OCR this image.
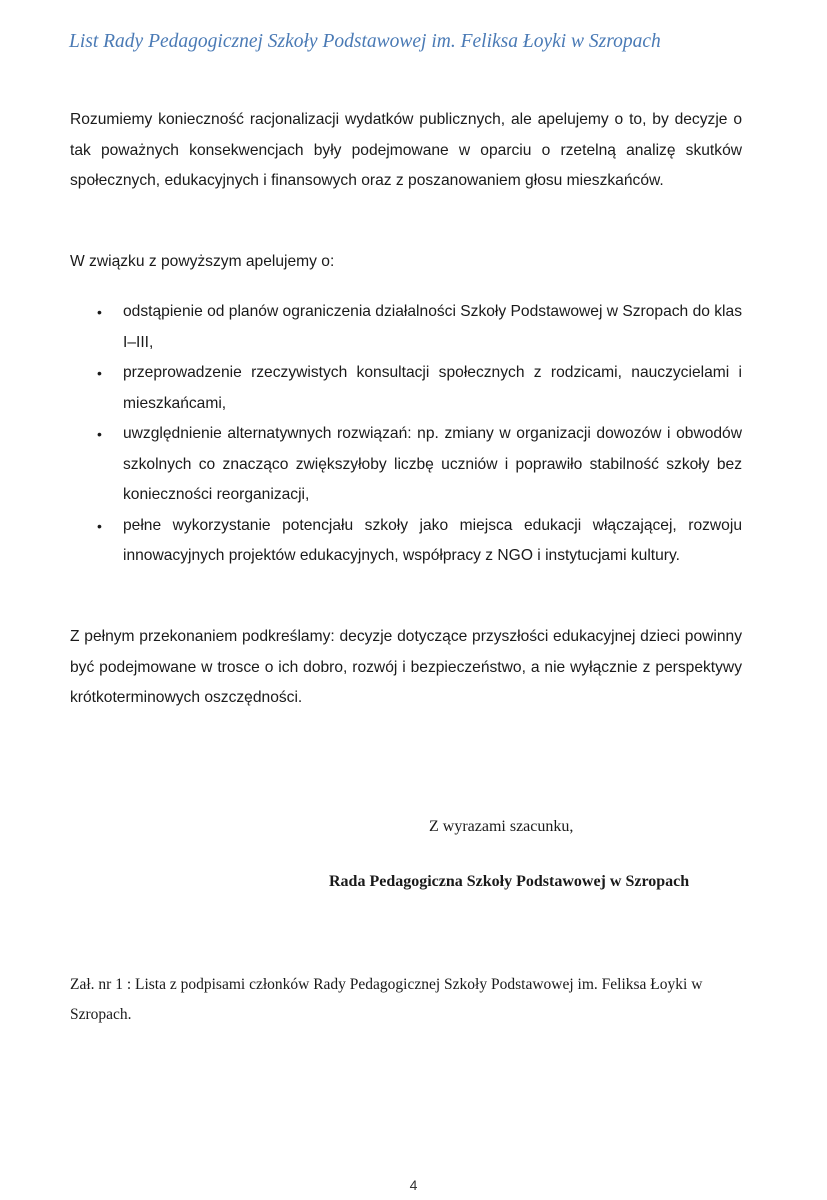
List Rady Pedagogicznej Szkoły Podstawowej im. Feliksa Łoyki w Szropach

Rozumiemy konieczność racjonalizacji wydatków publicznych, ale apelujemy o to, by decyzje o tak poważnych konsekwencjach były podejmowane w oparciu o rzetelną analizę skutków społecznych, edukacyjnych i finansowych oraz z poszanowaniem głosu mieszkańców.

W związku z powyższym apelujemy o:

• odstąpienie od planów ograniczenia działalności Szkoły Podstawowej w Szropach do klas I–III,
• przeprowadzenie rzeczywistych konsultacji społecznych z rodzicami, nauczycielami i mieszkańcami,
• uwzględnienie alternatywnych rozwiązań: np. zmiany w organizacji dowozów i obwodów szkolnych co znacząco zwiększyłoby liczbę uczniów i poprawiło stabilność szkoły bez konieczności reorganizacji,
• pełne wykorzystanie potencjału szkoły jako miejsca edukacji włączającej, rozwoju innowacyjnych projektów edukacyjnych, współpracy z NGO i instytucjami kultury.

Z pełnym przekonaniem podkreślamy: decyzje dotyczące przyszłości edukacyjnej dzieci powinny być podejmowane w trosce o ich dobro, rozwój i bezpieczeństwo, a nie wyłącznie z perspektywy krótkoterminowych oszczędności.

Z wyrazami szacunku,
Rada Pedagogiczna Szkoły Podstawowej w Szropach
Zał. nr 1 : Lista z podpisami członków Rady Pedagogicznej Szkoły Podstawowej im. Feliksa Łoyki w Szropach.
4
